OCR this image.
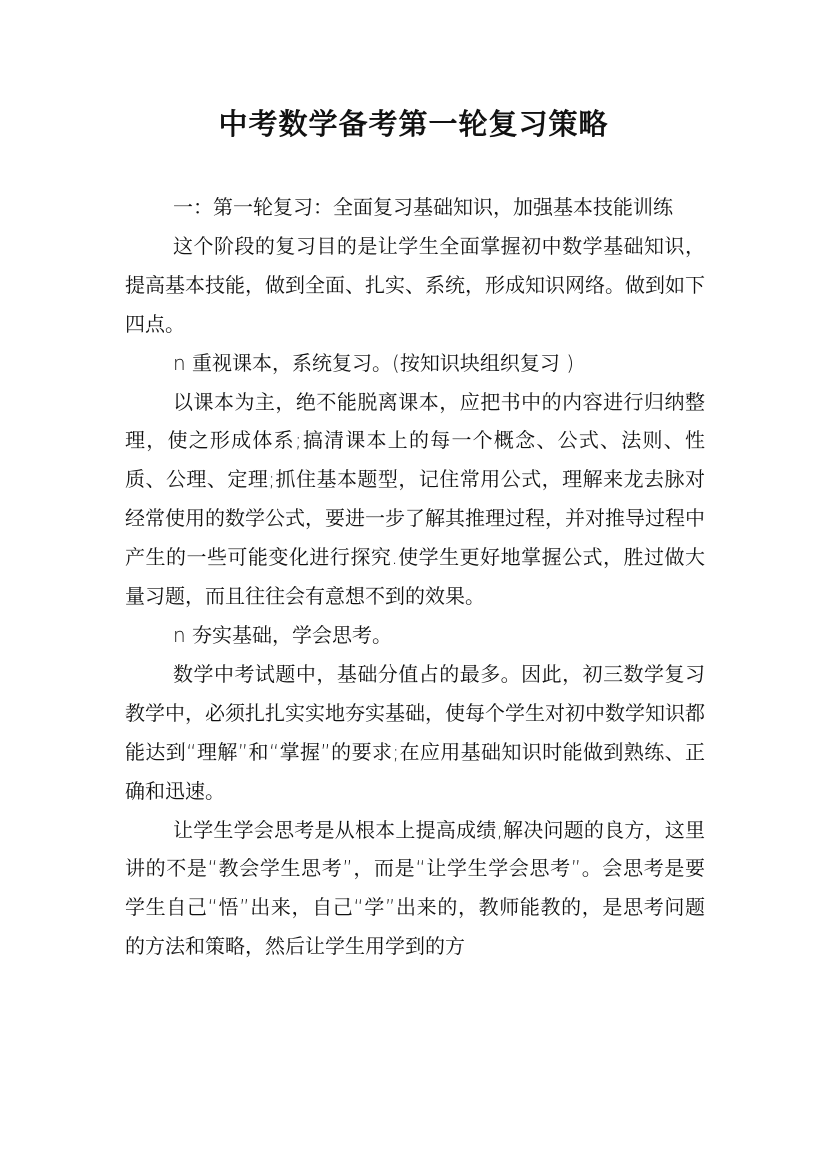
中考数学备考第一轮复习策略

一：第一轮复习：全面复习基础知识，加强基本技能训练

这个阶段的复习目的是让学生全面掌握初中数学基础知识，提高基本技能，做到全面、扎实、系统，形成知识网络。做到如下四点。

n 重视课本，系统复习。(按知识块组织复习 )

以课本为主，绝不能脱离课本，应把书中的内容进行归纳整理，使之形成体系;搞清课本上的每一个概念、公式、法则、性质、公理、定理;抓住基本题型，记住常用公式，理解来龙去脉对经常使用的数学公式，要进一步了解其推理过程，并对推导过程中产生的一些可能变化进行探究.使学生更好地掌握公式，胜过做大量习题，而且往往会有意想不到的效果。

n 夯实基础，学会思考。

数学中考试题中，基础分值占的最多。因此，初三数学复习教学中，必须扎扎实实地夯实基础，使每个学生对初中数学知识都能达到“理解”和“掌握”的要求;在应用基础知识时能做到熟练、正确和迅速。

让学生学会思考是从根本上提高成绩,解决问题的良方，这里讲的不是“教会学生思考”，而是“让学生学会思考”。会思考是要学生自己“悟”出来，自己“学”出来的，教师能教的，是思考问题的方法和策略，然后让学生用学到的方
